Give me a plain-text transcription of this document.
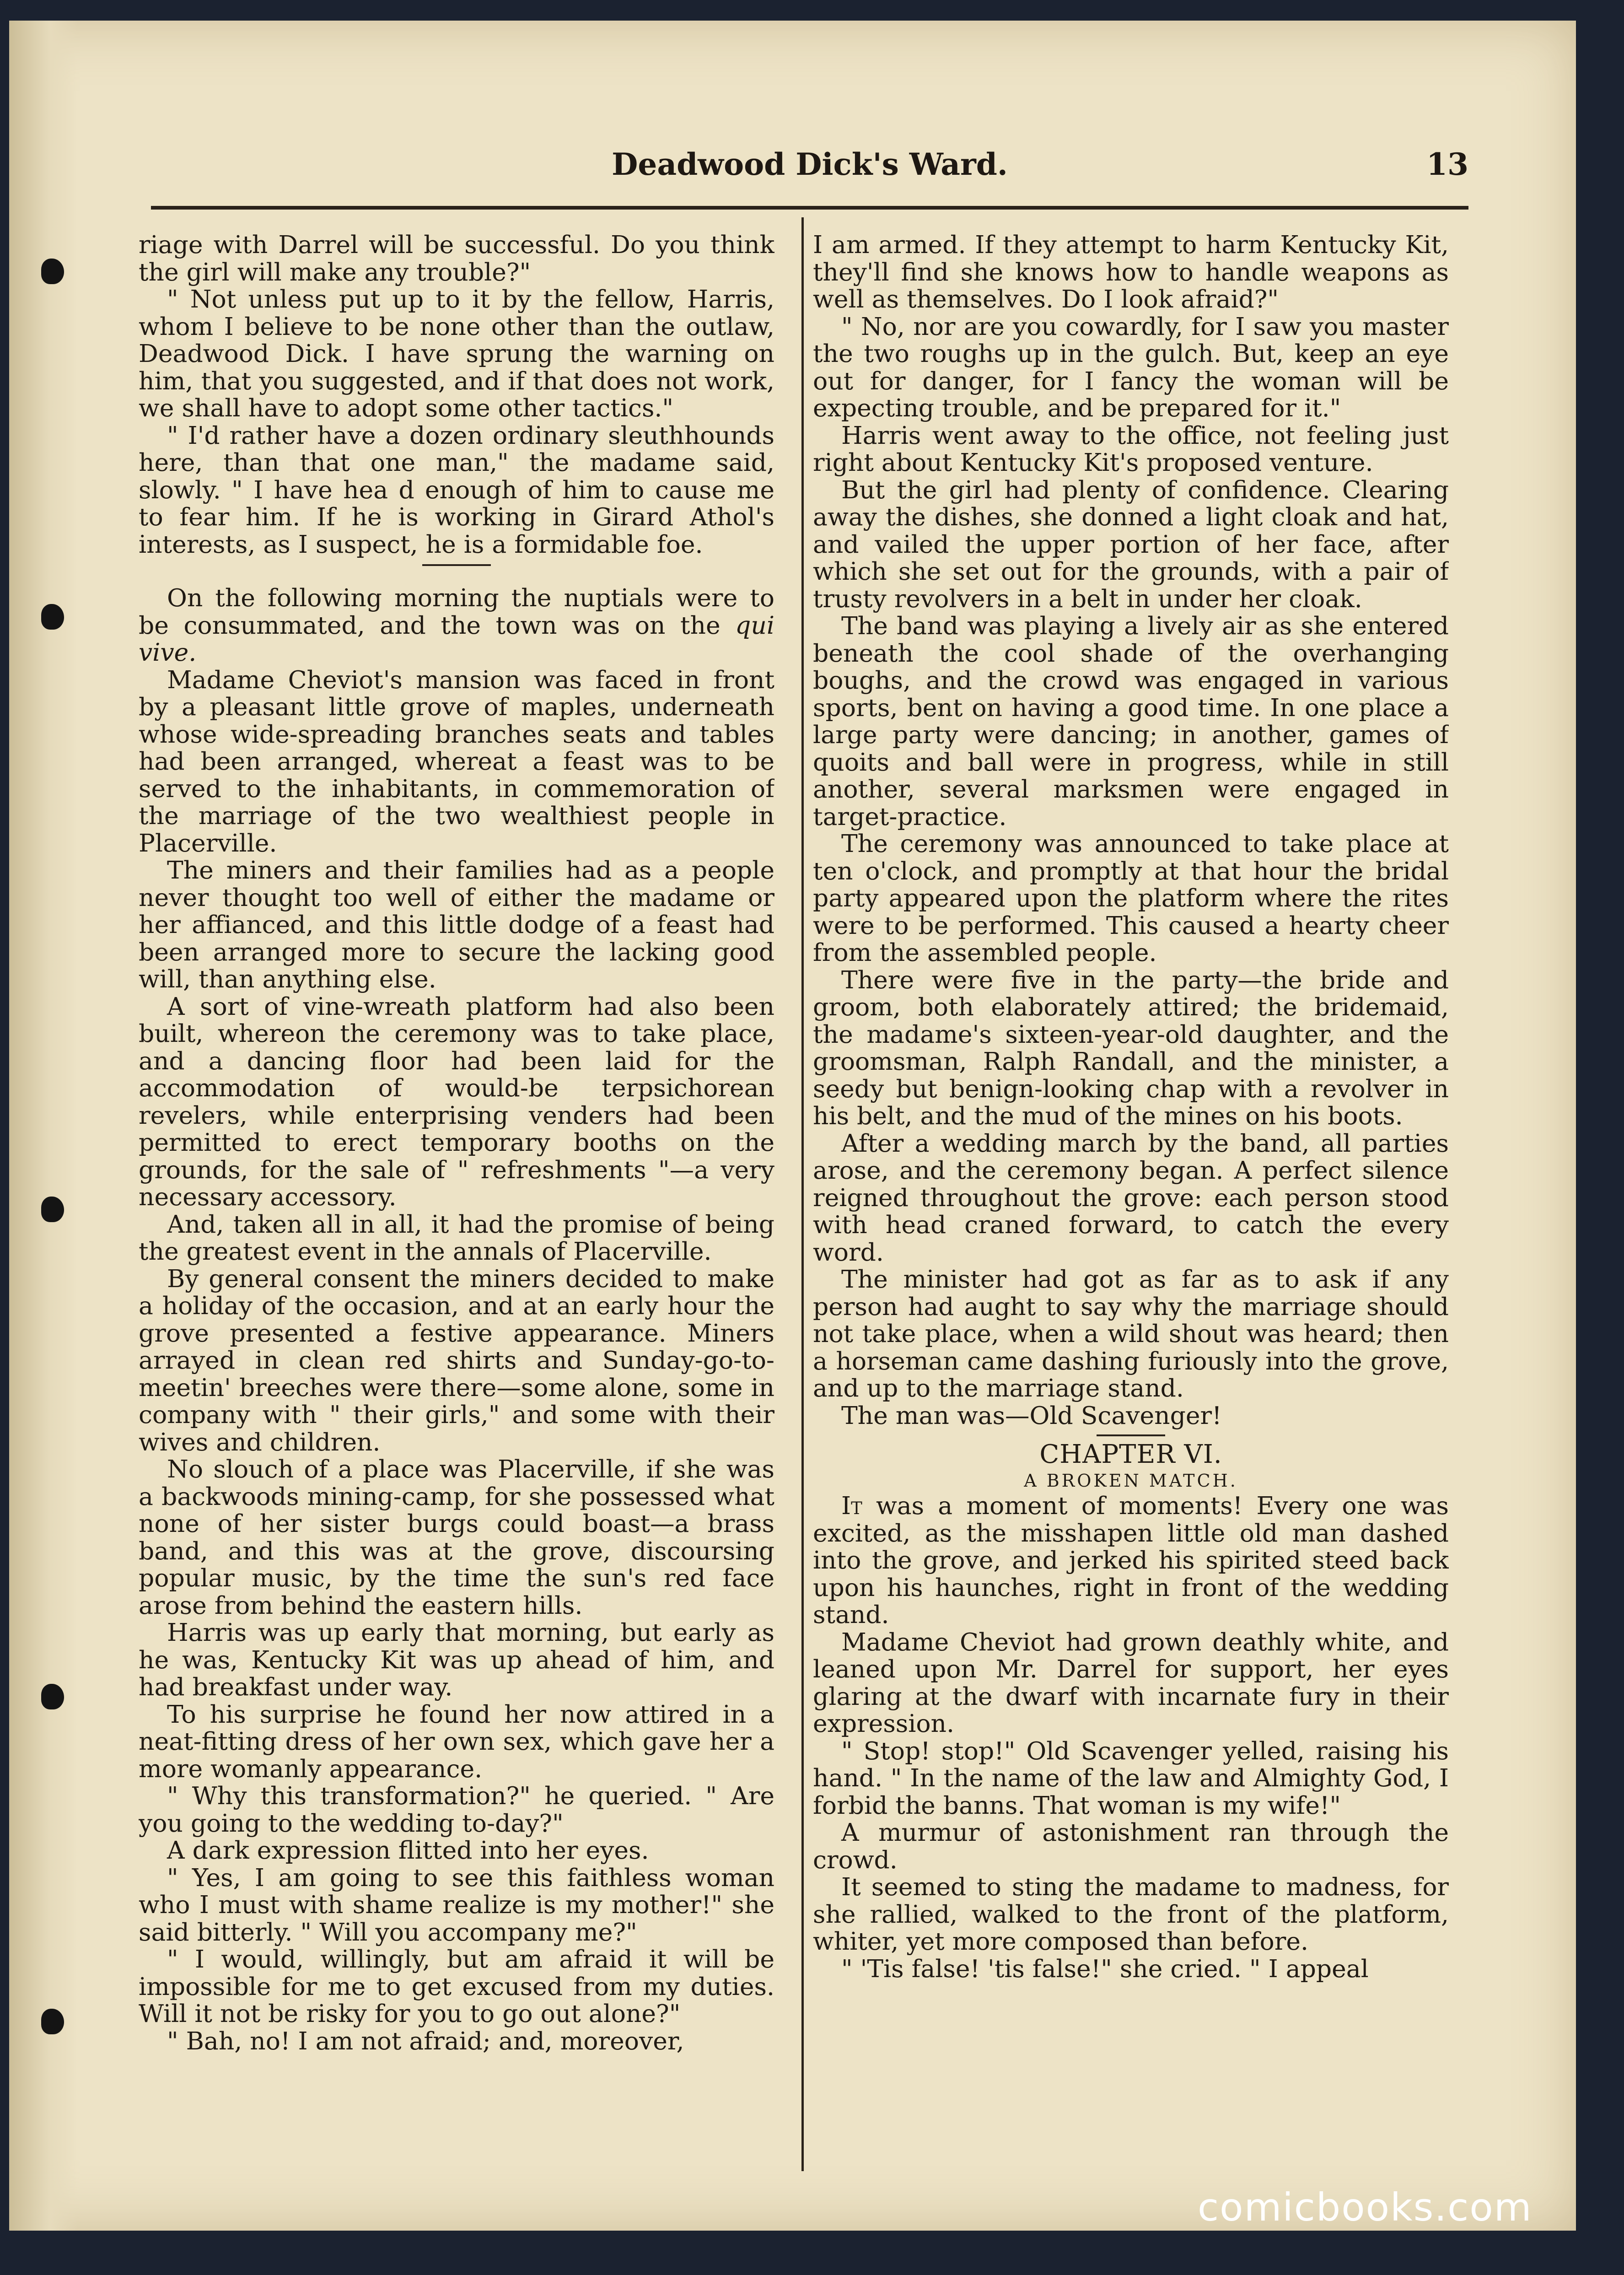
Deadwood Dick's Ward.	13

riage with Darrel will be successful. Do you think the girl will make any trouble?"

" Not unless put up to it by the fellow, Harris, whom I believe to be none other than the outlaw, Deadwood Dick. I have sprung the warning on him, that you suggested, and if that does not work, we shall have to adopt some other tactics."

" I'd rather have a dozen ordinary sleuthhounds here, than that one man," the madame said, slowly. " I have hea d enough of him to cause me to fear him. If he is working in Girard Athol's interests, as I suspect, he is a formidable foe.

On the following morning the nuptials were to be consummated, and the town was on the qui vive.

Madame Cheviot's mansion was faced in front by a pleasant little grove of maples, underneath whose wide-spreading branches seats and tables had been arranged, whereat a feast was to be served to the inhabitants, in commemoration of the marriage of the two wealthiest people in Placerville.

The miners and their families had as a people never thought too well of either the madame or her affianced, and this little dodge of a feast had been arranged more to secure the lacking good will, than anything else.

A sort of vine-wreath platform had also been built, whereon the ceremony was to take place, and a dancing floor had been laid for the accommodation of would-be terpsichorean revelers, while enterprising venders had been permitted to erect temporary booths on the grounds, for the sale of " refreshments "—a very necessary accessory.

And, taken all in all, it had the promise of being the greatest event in the annals of Placerville.

By general consent the miners decided to make a holiday of the occasion, and at an early hour the grove presented a festive appearance. Miners arrayed in clean red shirts and Sunday-go-to-meetin' breeches were there—some alone, some in company with " their girls," and some with their wives and children.

No slouch of a place was Placerville, if she was a backwoods mining-camp, for she possessed what none of her sister burgs could boast—a brass band, and this was at the grove, discoursing popular music, by the time the sun's red face arose from behind the eastern hills.

Harris was up early that morning, but early as he was, Kentucky Kit was up ahead of him, and had breakfast under way.

To his surprise he found her now attired in a neat-fitting dress of her own sex, which gave her a more womanly appearance.

" Why this transformation?" he queried. " Are you going to the wedding to-day?"

A dark expression flitted into her eyes.

" Yes, I am going to see this faithless woman who I must with shame realize is my mother!" she said bitterly. " Will you accompany me?"

" I would, willingly, but am afraid it will be impossible for me to get excused from my duties. Will it not be risky for you to go out alone?"

" Bah, no! I am not afraid; and, moreover,

I am armed. If they attempt to harm Kentucky Kit, they'll find she knows how to handle weapons as well as themselves. Do I look afraid?"

" No, nor are you cowardly, for I saw you master the two roughs up in the gulch. But, keep an eye out for danger, for I fancy the woman will be expecting trouble, and be prepared for it."

Harris went away to the office, not feeling just right about Kentucky Kit's proposed venture.

But the girl had plenty of confidence. Clearing away the dishes, she donned a light cloak and hat, and vailed the upper portion of her face, after which she set out for the grounds, with a pair of trusty revolvers in a belt in under her cloak.

The band was playing a lively air as she entered beneath the cool shade of the overhanging boughs, and the crowd was engaged in various sports, bent on having a good time. In one place a large party were dancing; in another, games of quoits and ball were in progress, while in still another, several marksmen were engaged in target-practice.

The ceremony was announced to take place at ten o'clock, and promptly at that hour the bridal party appeared upon the platform where the rites were to be performed. This caused a hearty cheer from the assembled people.

There were five in the party—the bride and groom, both elaborately attired; the bridemaid, the madame's sixteen-year-old daughter, and the groomsman, Ralph Randall, and the minister, a seedy but benign-looking chap with a revolver in his belt, and the mud of the mines on his boots.

After a wedding march by the band, all parties arose, and the ceremony began. A perfect silence reigned throughout the grove: each person stood with head craned forward, to catch the every word.

The minister had got as far as to ask if any person had aught to say why the marriage should not take place, when a wild shout was heard; then a horseman came dashing furiously into the grove, and up to the marriage stand.

The man was—Old Scavenger!

CHAPTER VI.
A BROKEN MATCH.

It was a moment of moments! Every one was excited, as the misshapen little old man dashed into the grove, and jerked his spirited steed back upon his haunches, right in front of the wedding stand.

Madame Cheviot had grown deathly white, and leaned upon Mr. Darrel for support, her eyes glaring at the dwarf with incarnate fury in their expression.

" Stop! stop!" Old Scavenger yelled, raising his hand. " In the name of the law and Almighty God, I forbid the banns. That woman is my wife!"

A murmur of astonishment ran through the crowd.

It seemed to sting the madame to madness, for she rallied, walked to the front of the platform, whiter, yet more composed than before.

" 'Tis false! 'tis false!" she cried. " I appeal

comicbooks.com
